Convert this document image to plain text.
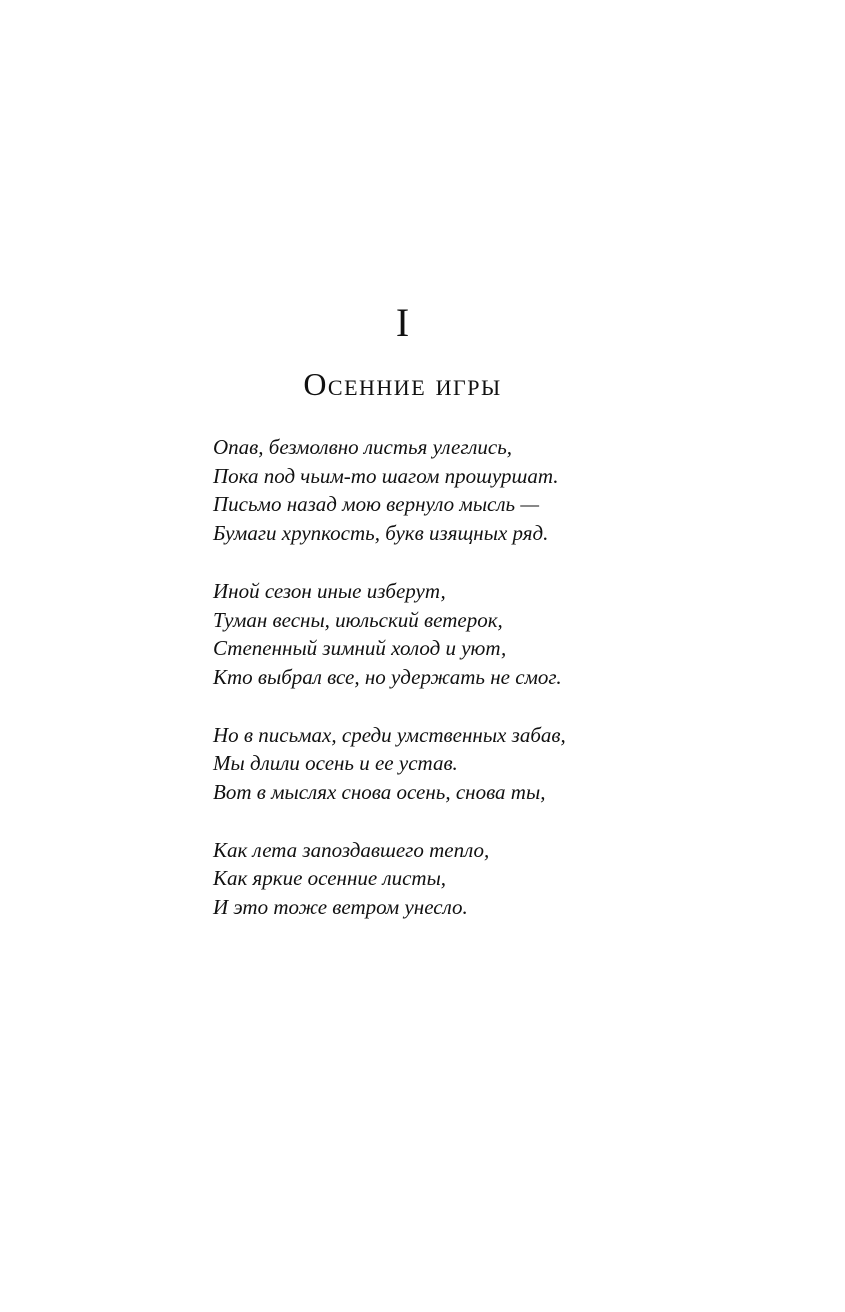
I
Осенние игры

Опав, безмолвно листья улеглись,
Пока под чьим-то шагом прошуршат.
Письмо назад мою вернуло мысль —
Бумаги хрупкость, букв изящных ряд.

Иной сезон иные изберут,
Туман весны, июльский ветерок,
Степенный зимний холод и уют,
Кто выбрал все, но удержать не смог.

Но в письмах, среди умственных забав,
Мы длили осень и ее устав.
Вот в мыслях снова осень, снова ты,

Как лета запоздавшего тепло,
Как яркие осенние листы,
И это тоже ветром унесло.
